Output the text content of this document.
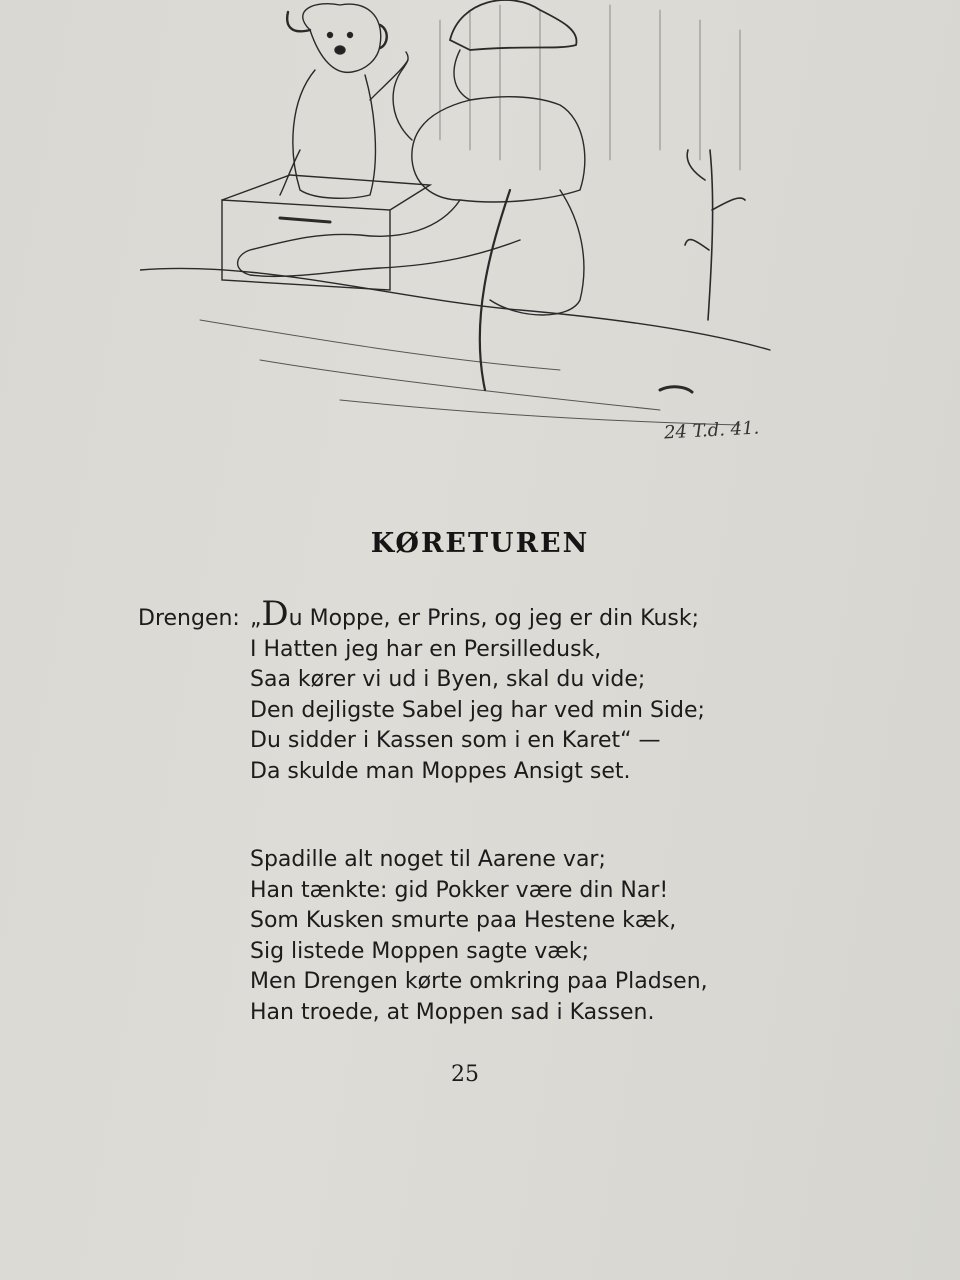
24 T.d. 41.
KØRETUREN
Drengen: „Du Moppe, er Prins, og jeg er din Kusk;
I Hatten jeg har en Persilledusk,
Saa kører vi ud i Byen, skal du vide;
Den dejligste Sabel jeg har ved min Side;
Du sidder i Kassen som i en Karet“ —
Da skulde man Moppes Ansigt set.
Spadille alt noget til Aarene var;
Han tænkte: gid Pokker være din Nar!
Som Kusken smurte paa Hestene kæk,
Sig listede Moppen sagte væk;
Men Drengen kørte omkring paa Pladsen,
Han troede, at Moppen sad i Kassen.
25
